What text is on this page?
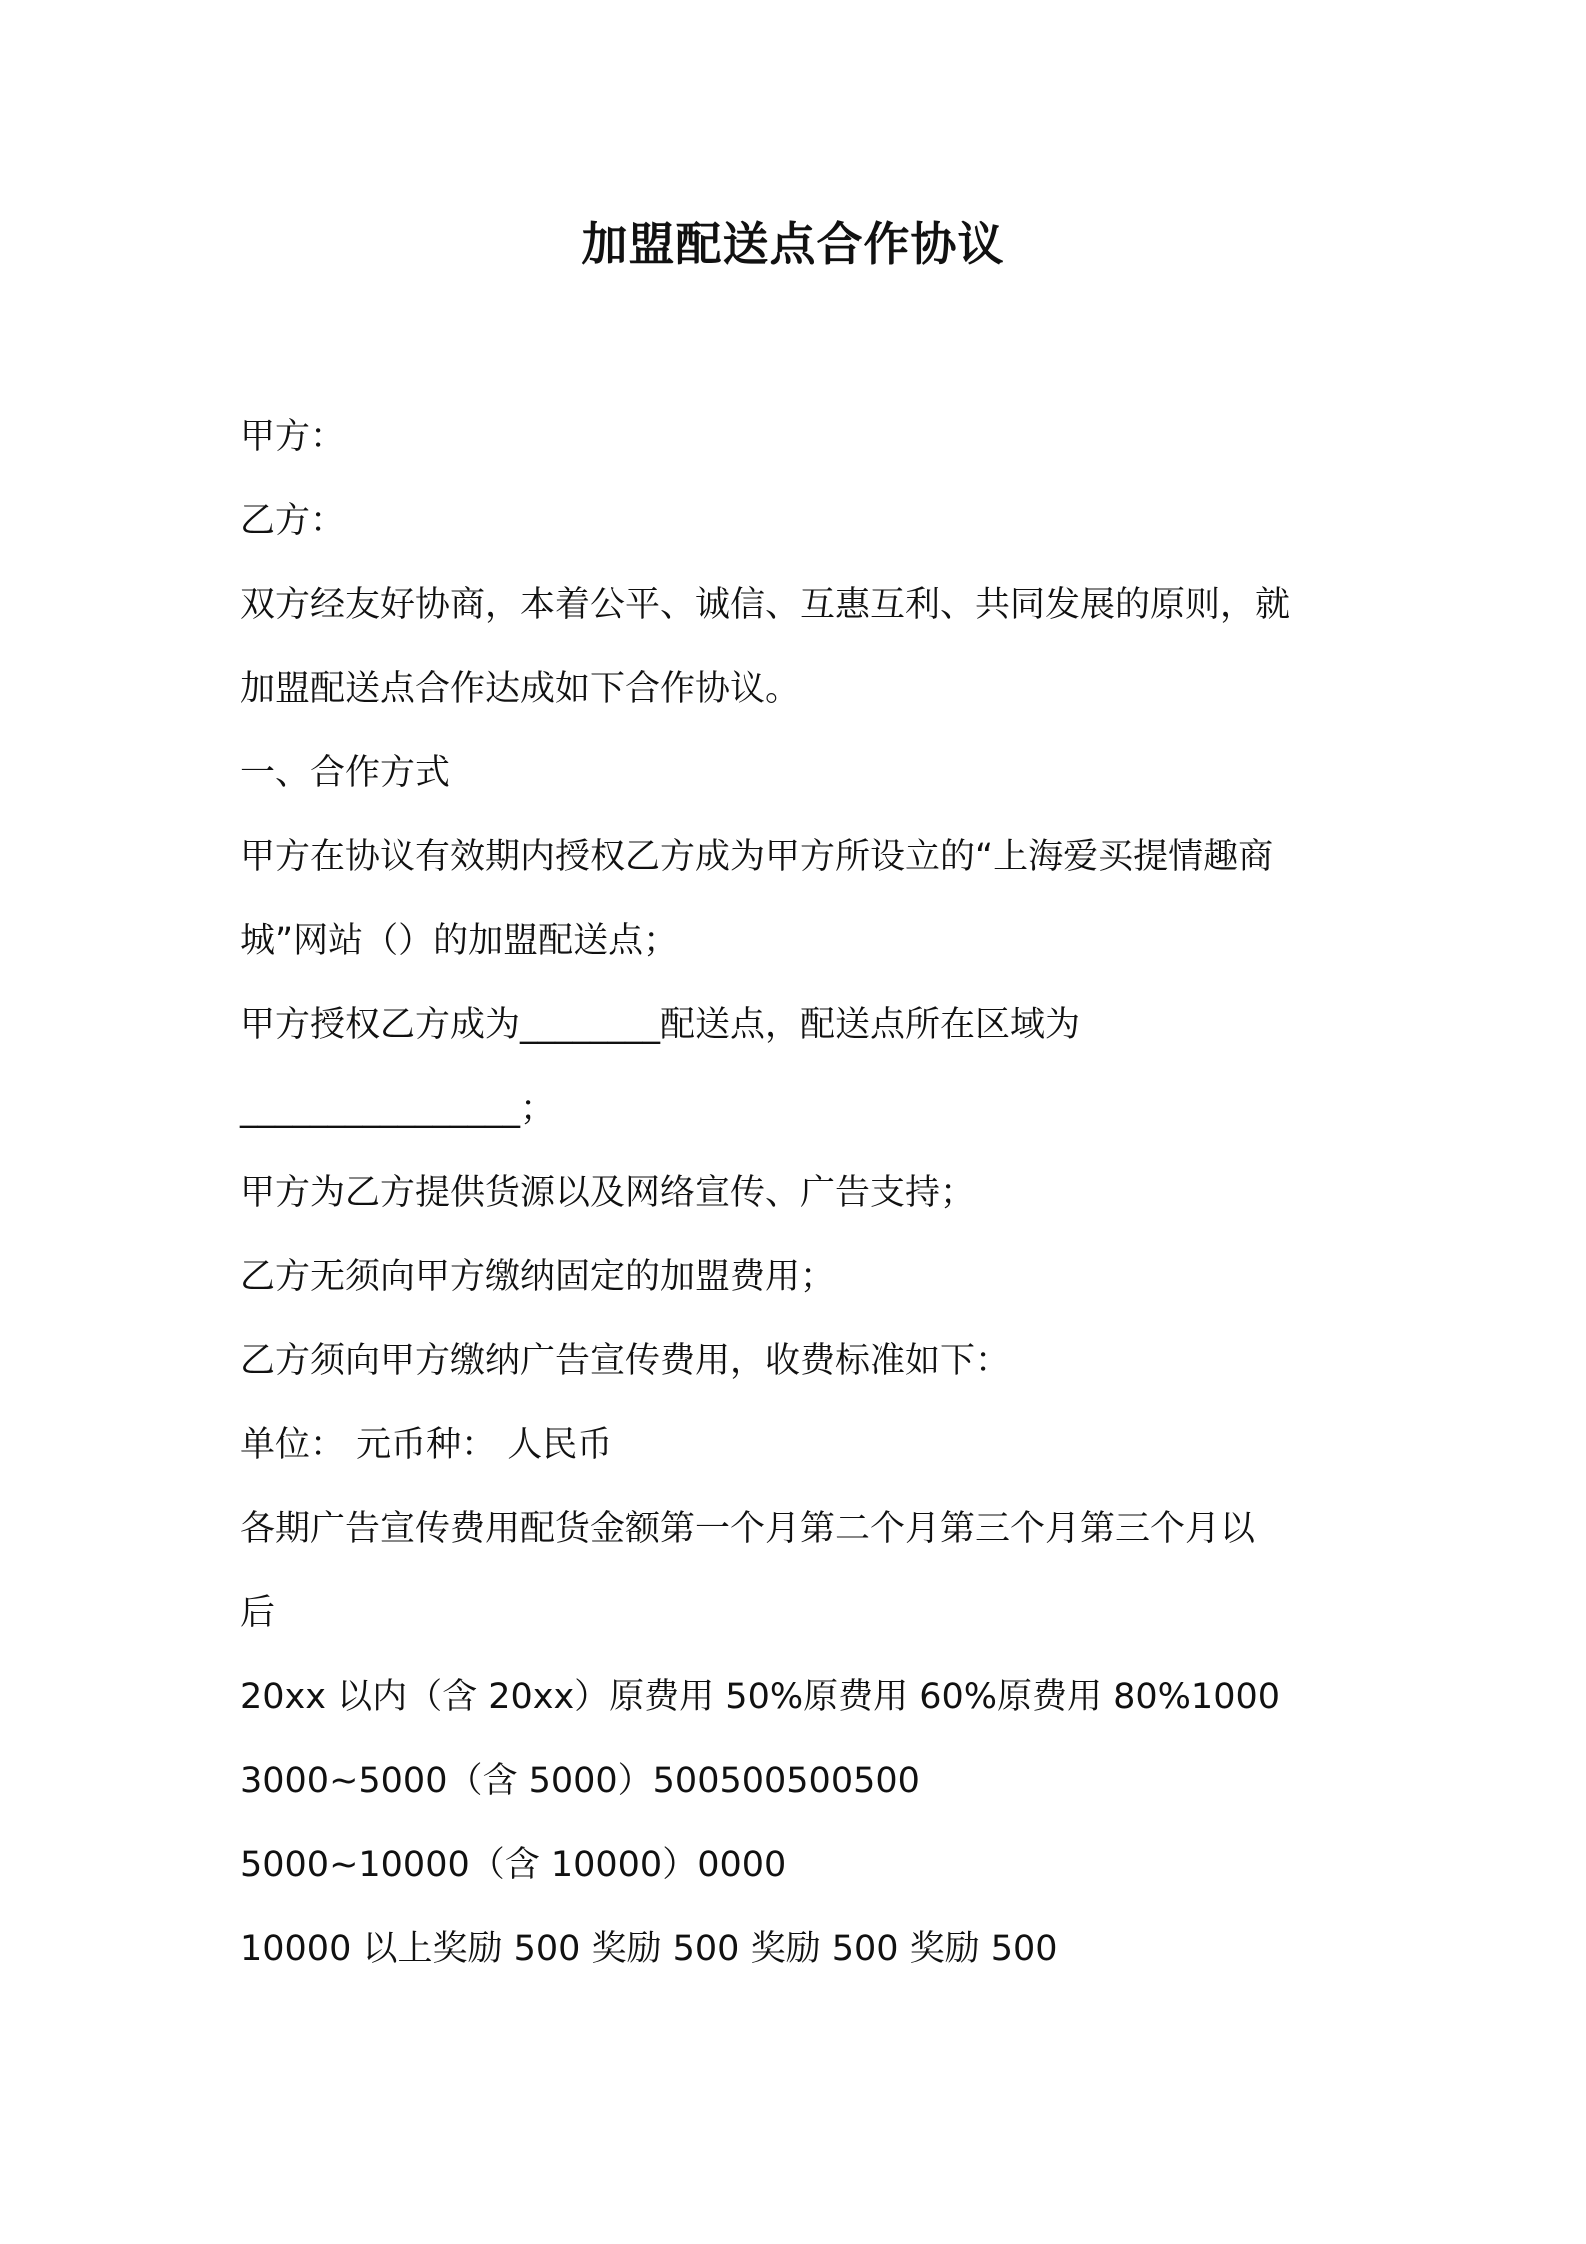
加盟配送点合作协议
甲方：
乙方：
双方经友好协商，本着公平、诚信、互惠互利、共同发展的原则，就
加盟配送点合作达成如下合作协议。
一、合作方式
甲方在协议有效期内授权乙方成为甲方所设立的“上海爱买提情趣商
城”网站（）的加盟配送点；
甲方授权乙方成为________配送点，配送点所在区域为
________________；
甲方为乙方提供货源以及网络宣传、广告支持；
乙方无须向甲方缴纳固定的加盟费用；
乙方须向甲方缴纳广告宣传费用，收费标准如下：
单位： 元币种： 人民币
各期广告宣传费用配货金额第一个月第二个月第三个月第三个月以
后
20xx 以内（含 20xx）原费用 50%原费用 60%原费用 80%1000
3000~5000（含 5000）500500500500
5000~10000（含 10000）0000
10000 以上奖励 500 奖励 500 奖励 500 奖励 500
